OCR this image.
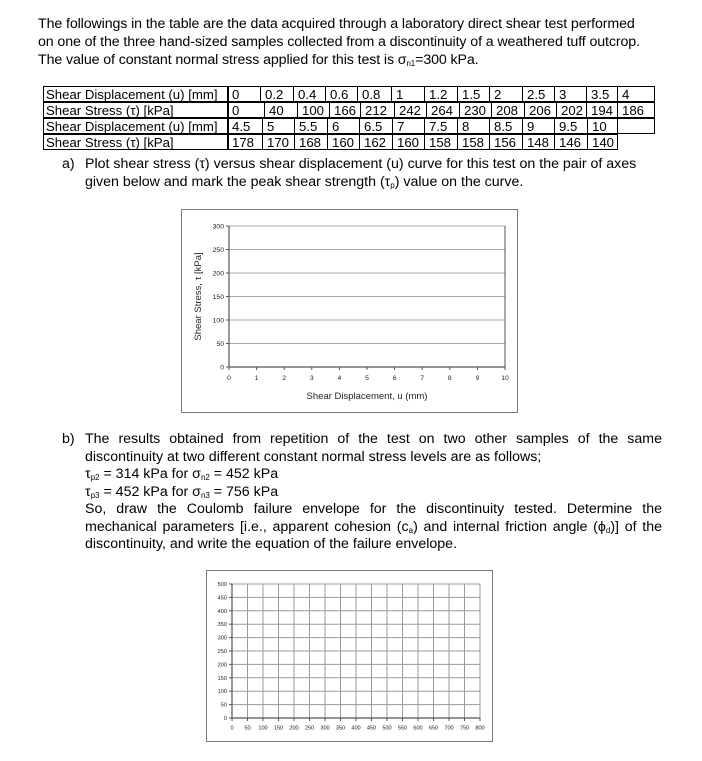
The followings in the table are the data acquired through a laboratory direct shear test performed

on one of the three hand-sized samples collected from a discontinuity of a weathered tuff outcrop.

The value of constant normal stress applied for this test is $\sigma_{n1}=300$ kPa.

Shear Displacement (u) [mm]	0	0.2	0.4	0.6	0.8	1	1.2	1.5	2	2.5	3	3.5 4
Shear Stress (τ) [kPa]	0	40	100 166 212 242 264 230 208 206 202 194 186
Shear Displacement (u) [mm]	4.5	5	5.5	6	6.5	7	7.5	8	8.5	9	9.5	10
Shear Stress (τ) [kPa]	178 170 168 160 162 160 158 158 156 148 146 140
a) Plot shear stress (τ) versus shear displacement (u) curve for this test on the pair of axes
given below and mark the peak shear strength $(\tau_p)$ value on the curve.
0
50
100
150
200
250
300
0	1	2	3	4	5	6	7	8	9	10
Shear Displacement, u (mm)
Shear Stress, τ [kPa]
b) The results obtained from repetition of the test on two other samples of the same discontinuity at two different constant normal stress levels are as follows;
$\tau_{p2} = 314$ kPa for $\sigma_{n2} = 452$ kPa
$\tau_{p3} = 452$ kPa for $\sigma_{n3} = 756$ kPa
So, draw the Coulomb failure envelope for the discontinuity tested. Determine the mechanical parameters [i.e., apparent cohesion $(c_a)$ and internal friction angle $(\phi_d)$] of the discontinuity, and write the equation of the failure envelope.
0
50
100
150
200
250
300
350
400
450
500
0 50 100 150 200 250 300 350 400 450 500 550 600 650 700 750 800
